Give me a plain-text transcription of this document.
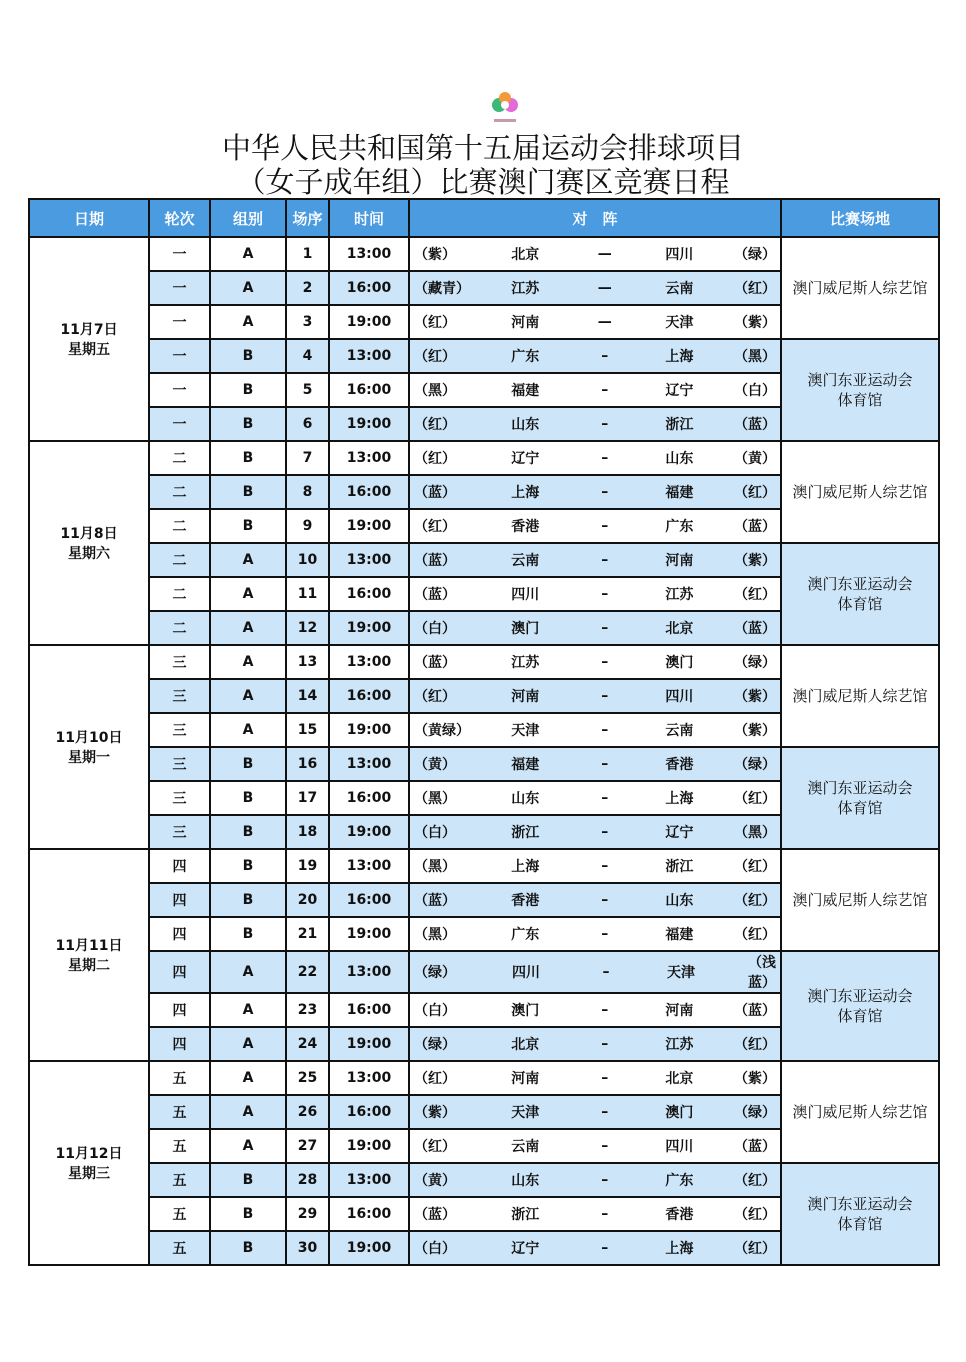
中华人民共和国第十五届运动会排球项目
（女子成年组）比赛澳门赛区竞赛日程
日期	轮次	组别	场序	时间	对　阵	比赛场地
11月7日
星期五	一	A	1	13:00	（紫） 北京 — 四川 （绿）	澳门威尼斯人综艺馆
	一	A	2	16:00	（藏青） 江苏 — 云南 （红）	

	一	A	3	19:00	（红） 河南 — 天津 （紫）	

	一	B	4	13:00	（红） 广东 – 上海 （黑）	澳门东亚运动会
体育馆
	一	B	5	16:00	（黑） 福建 – 辽宁 （白）	

	一	B	6	19:00	（红） 山东 – 浙江 （蓝）	

11月8日
星期六	二	B	7	13:00	（红） 辽宁 – 山东 （黄）	澳门威尼斯人综艺馆
	二	B	8	16:00	（蓝） 上海 – 福建 （红）	

	二	B	9	19:00	（红） 香港 – 广东 （蓝）	

	二	A	10	13:00	（蓝） 云南 – 河南 （紫）	澳门东亚运动会
体育馆
	二	A	11	16:00	（蓝） 四川 – 江苏 （红）	

	二	A	12	19:00	（白） 澳门 – 北京 （蓝）	

11月10日
星期一	三	A	13	13:00	（蓝） 江苏 – 澳门 （绿）	澳门威尼斯人综艺馆
	三	A	14	16:00	（红） 河南 – 四川 （紫）	

	三	A	15	19:00	（黄绿） 天津 – 云南 （紫）	

	三	B	16	13:00	（黄） 福建 – 香港 （绿）	澳门东亚运动会
体育馆
	三	B	17	16:00	（黑） 山东 – 上海 （红）	

	三	B	18	19:00	（白） 浙江 – 辽宁 （黑）	

11月11日
星期二	四	B	19	13:00	（黑） 上海 – 浙江 （红）	澳门威尼斯人综艺馆
	四	B	20	16:00	（蓝） 香港 – 山东 （红）	

	四	B	21	19:00	（黑） 广东 – 福建 （红）	

	四	A	22	13:00	（绿） 四川 – 天津
（浅蓝）	澳门东亚运动会
体育馆
	四	A	23	16:00	（白） 澳门 – 河南 （蓝）	

	四	A	24	19:00	（绿） 北京 – 江苏 （红）	

11月12日
星期三	五	A	25	13:00	（红） 河南 – 北京 （紫）	澳门威尼斯人综艺馆
	五	A	26	16:00	（紫） 天津 – 澳门 （绿）	

	五	A	27	19:00	（红） 云南 – 四川 （蓝）	

	五	B	28	13:00	（黄） 山东 – 广东 （红）	澳门东亚运动会
体育馆
	五	B	29	16:00	（蓝） 浙江 – 香港 （红）	

	五	B	30	19:00	（白） 辽宁 – 上海 （红）	
